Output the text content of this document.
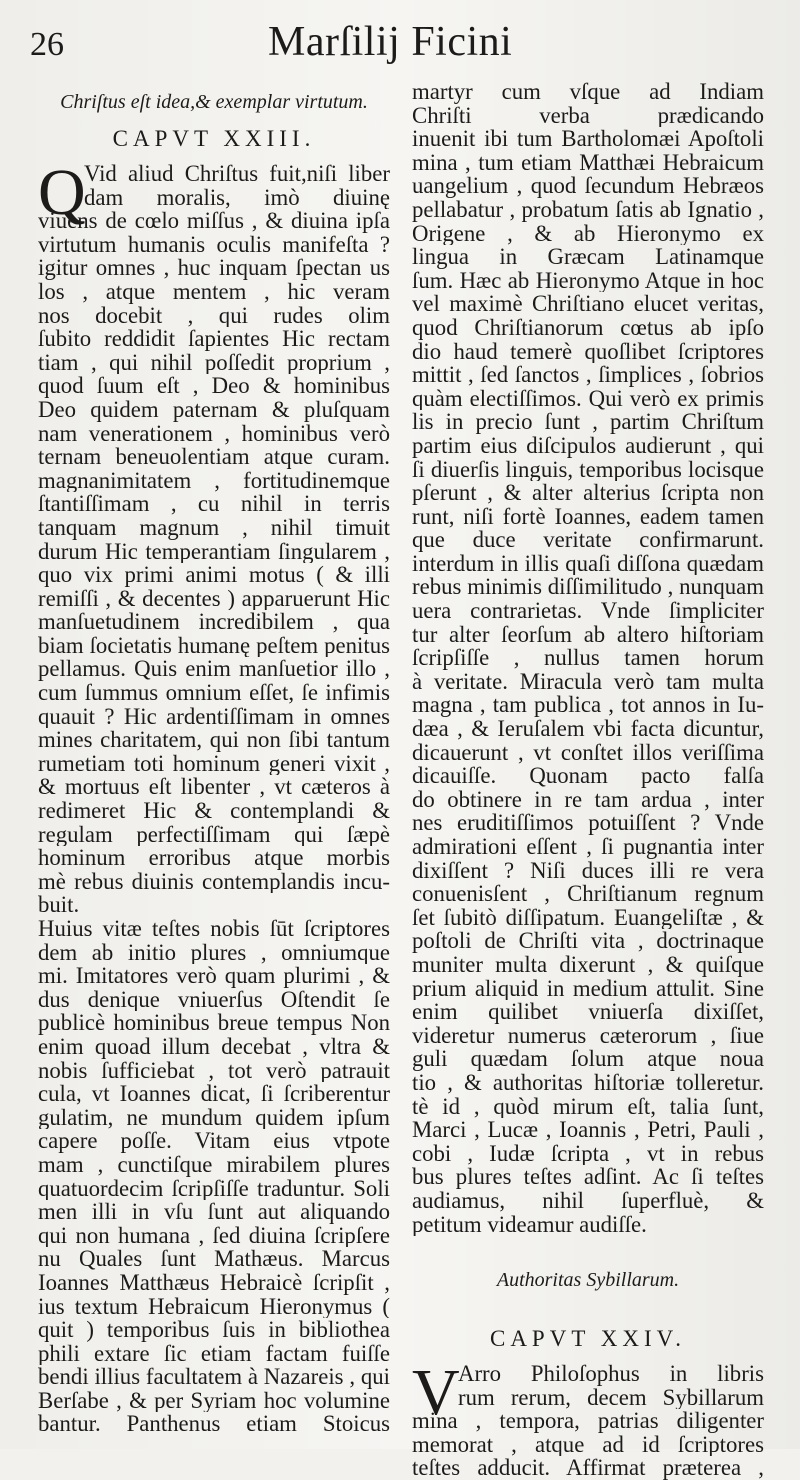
26	Marſilij Ficini
Chriſtus eſt idea,& exemplar virtutum.
CAPVT XXIII.
Q
Vid aliud Chriſtus fuit,niſi liber
dam moralis, imò diuinę
viuens de cœlo miſſus , & diuina ipſa
virtutum humanis oculis manifeſta ?
igitur omnes , huc inquam ſpectan us
los , atque mentem , hic veram
nos docebit , qui rudes olim
ſubito reddidit ſapientes Hic rectam
tiam , qui nihil poſſedit proprium ,
quod ſuum eſt , Deo & hominibus
Deo quidem paternam & pluſquam
nam venerationem , hominibus verò
ternam beneuolentiam atque curam.
magnanimitatem , fortitudinemque
ſtantiſſimam , cu nihil in terris
tanquam magnum , nihil timuit
durum Hic temperantiam ſingularem ,
quo vix primi animi motus ( & illi
remiſſi , & decentes ) apparuerunt Hic
manſuetudinem incredibilem , qua
biam ſocietatis humanę peſtem penitus
pellamus. Quis enim manſuetior illo ,
cum ſummus omnium eſſet, ſe infimis
quauit ? Hic ardentiſſimam in omnes
mines charitatem, qui non ſibi tantum
rumetiam toti hominum generi vixit ,
& mortuus eſt libenter , vt cæteros à
redimeret Hic & contemplandi &
regulam perfectiſſimam qui ſæpè
hominum erroribus atque morbis
mè rebus diuinis contemplandis incu-
buit.
Huius vitæ teſtes nobis ſūt ſcriptores
dem ab initio plures , omniumque
mi. Imitatores verò quam plurimi , &
dus denique vniuerſus Oſtendit ſe
publicè hominibus breue tempus Non
enim quoad illum decebat , vltra &
nobis ſufficiebat , tot verò patrauit
cula, vt Ioannes dicat, ſi ſcriberentur
gulatim, ne mundum quidem ipſum
capere poſſe. Vitam eius vtpote
mam , cunctiſque mirabilem plures
quatuordecim ſcripſiſſe traduntur. Soli
men illi in vſu ſunt aut aliquando
qui non humana , ſed diuina ſcripſere
nu Quales ſunt Mathæus. Marcus
Ioannes Matthæus Hebraicè ſcripſit ,
ius textum Hebraicum Hieronymus (
quit ) temporibus ſuis in bibliothea
phili extare ſic etiam factam fuiſſe
bendi illius facultatem à Nazareis , qui
Berſabe , & per Syriam hoc volumine
bantur. Panthenus etiam Stoicus
martyr cum vſque ad Indiam
Chriſti verba prædicando
inuenit ibi tum Bartholomæi Apoſtoli
mina , tum etiam Matthæi Hebraicum
uangelium , quod ſecundum Hebræos
pellabatur , probatum ſatis ab Ignatio ,
Origene , & ab Hieronymo ex
lingua in Græcam Latinamque
ſum. Hæc ab Hieronymo Atque in hoc
vel maximè Chriſtiano elucet veritas,
quod Chriſtianorum cœtus ab ipſo
dio haud temerè quoſlibet ſcriptores
mittit , ſed ſanctos , ſimplices , ſobrios
quàm electiſſimos. Qui verò ex primis
lis in precio ſunt , partim Chriſtum
partim eius diſcipulos audierunt , qui
ſi diuerſis linguis, temporibus locisque
pſerunt , & alter alterius ſcripta non
runt, niſi fortè Ioannes, eadem tamen
que duce veritate confirmarunt.
interdum in illis quaſi diſſona quædam
rebus minimis diſſimilitudo , nunquam
uera contrarietas. Vnde ſimpliciter
tur alter ſeorſum ab altero hiſtoriam
ſcripſiſſe , nullus tamen horum
à veritate. Miracula verò tam multa
magna , tam publica , tot annos in Iu-
dæa , & Ieruſalem vbi facta dicuntur,
dicauerunt , vt conſtet illos veriſſima
dicauiſſe. Quonam pacto falſa
do obtinere in re tam ardua , inter
nes eruditiſſimos potuiſſent ? Vnde
admirationi eſſent , ſi pugnantia inter
dixiſſent ? Niſi duces illi re vera
conuenisſent , Chriſtianum regnum
ſet ſubitò diſſipatum. Euangeliſtæ , &
poſtoli de Chriſti vita , doctrinaque
muniter multa dixerunt , & quiſque
prium aliquid in medium attulit. Sine
enim quilibet vniuerſa dixiſſet,
videretur numerus cæterorum , ſiue
guli quædam ſolum atque noua
tio , & authoritas hiſtoriæ tolleretur.
tè id , quòd mirum eſt, talia ſunt,
Marci , Lucæ , Ioannis , Petri, Pauli ,
cobi , Iudæ ſcripta , vt in rebus
bus plures teſtes adſint. Ac ſi teſtes
audiamus, nihil ſuperfluè, &
petitum videamur audiſſe.
Authoritas Sybillarum.
CAPVT XXIV.
V
Arro Philoſophus in libris
rum rerum, decem Sybillarum
mina , tempora, patrias diligenter
memorat , atque ad id ſcriptores
teſtes adducit. Affirmat præterea ,
